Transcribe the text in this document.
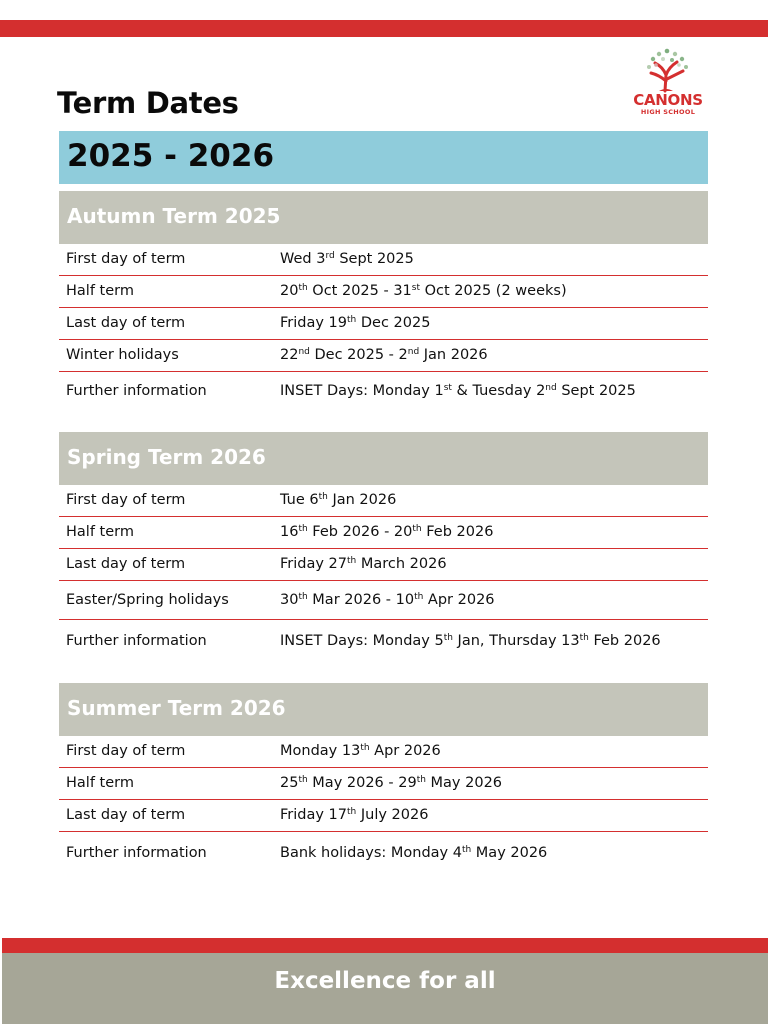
Term Dates	CANONS
HIGH SCHOOL
2025 - 2026
Autumn Term 2025
First day of term	Wed 3rd Sept 2025
Half term	20th Oct 2025 - 31st Oct 2025 (2 weeks)
Last day of term	Friday 19th Dec 2025
Winter holidays	22nd Dec 2025 - 2nd Jan 2026
Further information	INSET Days: Monday 1st & Tuesday 2nd Sept 2025
Spring Term 2026
First day of term	Tue 6th Jan 2026
Half term	16th Feb 2026 - 20th Feb 2026
Last day of term	Friday 27th March 2026
Easter/Spring holidays	30th Mar 2026 - 10th Apr 2026
Further information	INSET Days: Monday 5th Jan, Thursday 13th Feb 2026
Summer Term 2026
First day of term	Monday 13th Apr 2026
Half term	25th May 2026 - 29th May 2026
Last day of term	Friday 17th July 2026
Further information	Bank holidays: Monday 4th May 2026
Excellence for all
